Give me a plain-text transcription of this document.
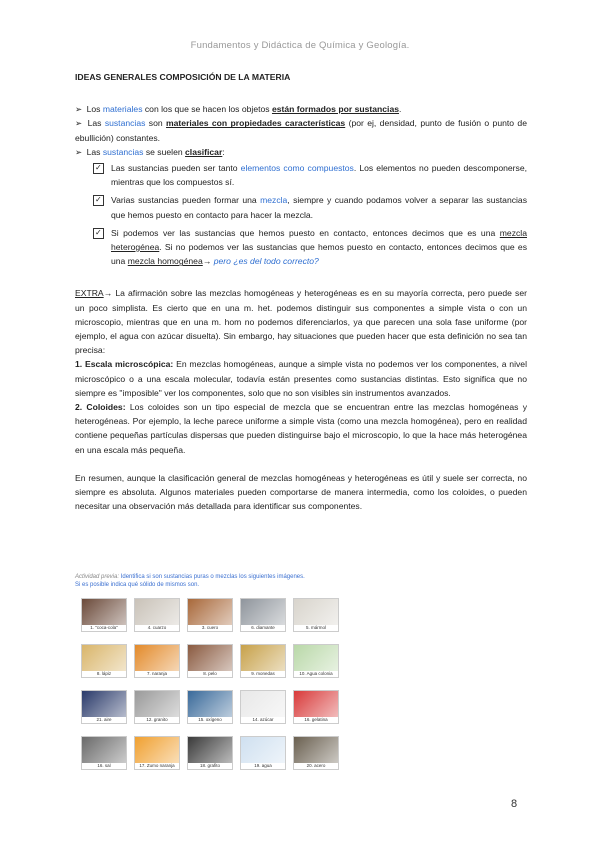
Fundamentos y Didáctica de Química y Geología.
IDEAS GENERALES COMPOSICIÓN DE LA MATERIA

➢ Los materiales con los que se hacen los objetos están formados por sustancias.

➢ Las sustancias son materiales con propiedades características (por ej, densidad, punto de fusión o punto de ebullición) constantes.

➢ Las sustancias se suelen clasificar:

✓
Las sustancias pueden ser tanto elementos como compuestos. Los elementos no pueden descomponerse, mientras que los compuestos sí.
✓
Varias sustancias pueden formar una mezcla, siempre y cuando podamos volver a separar las sustancias que hemos puesto en contacto para hacer la mezcla.
✓
Si podemos ver las sustancias que hemos puesto en contacto, entonces decimos que es una mezcla heterogénea. Si no podemos ver las sustancias que hemos puesto en contacto, entonces decimos que es una mezcla homogénea→ pero ¿es del todo correcto?

EXTRA→ La afirmación sobre las mezclas homogéneas y heterogéneas es en su mayoría correcta, pero puede ser un poco simplista. Es cierto que en una m. het. podemos distinguir sus componentes a simple vista o con un microscopio, mientras que en una m. hom no podemos diferenciarlos, ya que parecen una sola fase uniforme (por ejemplo, el agua con azúcar disuelta). Sin embargo, hay situaciones que pueden hacer que esta definición no sea tan precisa:

1. Escala microscópica: En mezclas homogéneas, aunque a simple vista no podemos ver los componentes, a nivel microscópico o a una escala molecular, todavía están presentes como sustancias distintas. Esto significa que no siempre es "imposible" ver los componentes, solo que no son visibles sin instrumentos avanzados.

2. Coloides: Los coloides son un tipo especial de mezcla que se encuentran entre las mezclas homogéneas y heterogéneas. Por ejemplo, la leche parece uniforme a simple vista (como una mezcla homogénea), pero en realidad contiene pequeñas partículas dispersas que pueden distinguirse bajo el microscopio, lo que la hace más heterogénea en una escala más pequeña.

En resumen, aunque la clasificación general de mezclas homogéneas y heterogéneas es útil y suele ser correcta, no siempre es absoluta. Algunos materiales pueden comportarse de manera intermedia, como los coloides, o pueden necesitar una observación más detallada para identificar sus componentes.

Actividad previa: Identifica si son sustancias puras o mezclas los siguientes imágenes.
Si es posible indica qué sólido de mismos son.
1. "coca-cola"	4. cuarzo	3. cuero	6. diamante	5. mármol
8. lápiz	7. naranja	8. pelo	9. monedas	10. Agua colonia
21. aire	12. granito	15. oxígeno	14. azúcar	16. gelatina
16. sal	17. Zumo naranja	18. grafito	19. agua	20. acero
8
